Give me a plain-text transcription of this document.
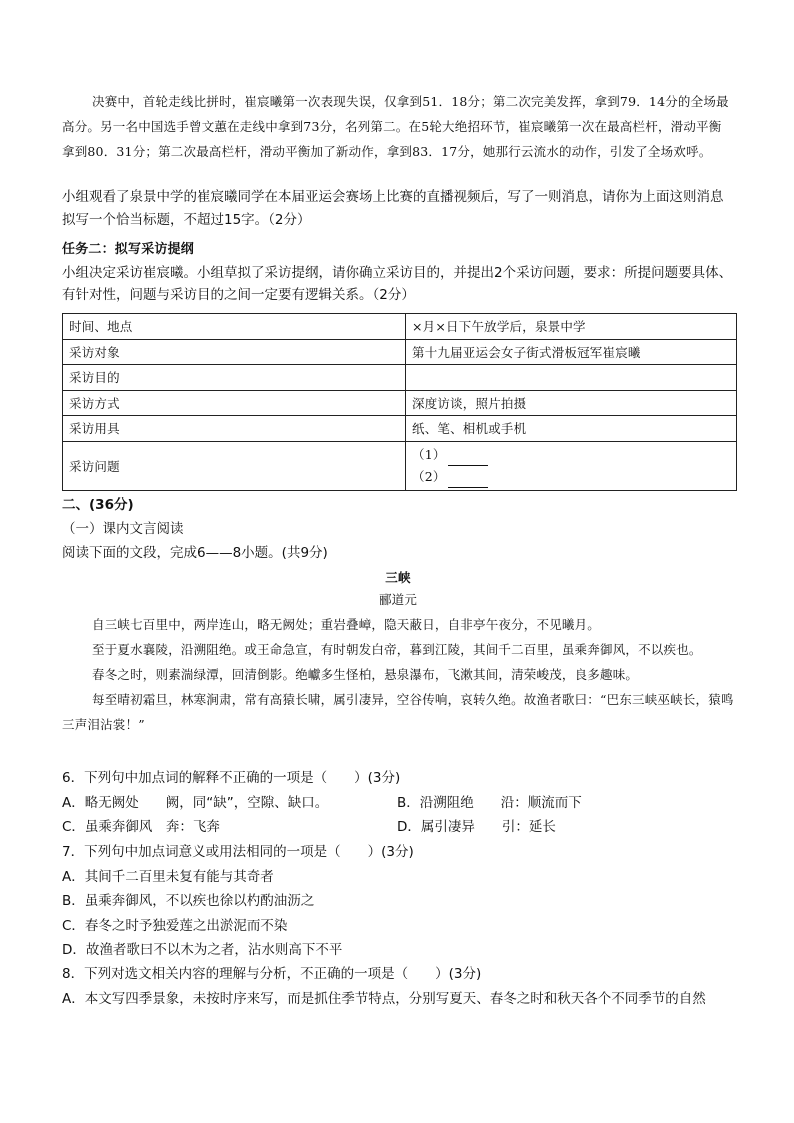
决赛中，首轮走线比拼时，崔宸曦第一次表现失误，仅拿到51．18分；第二次完美发挥，拿到79．14分的全场最高分。另一名中国选手曾文蕙在走线中拿到73分，名列第二。在5轮大绝招环节，崔宸曦第一次在最高栏杆，滑动平衡拿到80．31分；第二次最高栏杆，滑动平衡加了新动作，拿到83．17分，她那行云流水的动作，引发了全场欢呼。

小组观看了泉景中学的崔宸曦同学在本届亚运会赛场上比赛的直播视频后，写了一则消息，请你为上面这则消息拟写一个恰当标题，不超过15字。（2分）

任务二：拟写采访提纲

小组决定采访崔宸曦。小组草拟了采访提纲，请你确立采访目的，并提出2个采访问题，要求：所提问题要具体、有针对性，问题与采访目的之间一定要有逻辑关系。（2分）

时间、地点	×月×日下午放学后，泉景中学
采访对象	第十九届亚运会女子街式滑板冠军崔宸曦
采访目的	
采访方式	深度访谈，照片拍摄
采访用具	纸、笔、相机或手机
采访问题	（1）
（2）

二、(36分)

（一）课内文言阅读

阅读下面的文段，完成6——8小题。(共9分)

三峡
郦道元

自三峡七百里中，两岸连山，略无阙处；重岩叠嶂，隐天蔽日，自非亭午夜分，不见曦月。

至于夏水襄陵，沿溯阻绝。或王命急宣，有时朝发白帝，暮到江陵，其间千二百里，虽乘奔御风，不以疾也。

春冬之时，则素湍绿潭，回清倒影。绝巘多生怪柏，悬泉瀑布，飞漱其间，清荣峻茂，良多趣味。

每至晴初霜旦，林寒涧肃，常有高猿长啸，属引凄异，空谷传响，哀转久绝。故渔者歌曰：“巴东三峡巫峡长，猿鸣三声泪沾裳！”

6．下列句中加点词的解释不正确的一项是（　　）(3分)

A．略无阙处　　阙，同“缺”，空隙、缺口。	B．沿溯阻绝　　沿：顺流而下
C．虽乘奔御风　奔：飞奔	D．属引凄异　　引：延长

7．下列句中加点词意义或用法相同的一项是（　　）(3分)

A．其间千二百里未复有能与其奇者

B．虽乘奔御风，不以疾也徐以杓酌油沥之

C．春冬之时予独爱莲之出淤泥而不染

D．故渔者歌曰不以木为之者，沾水则高下不平

8．下列对选文相关内容的理解与分析，不正确的一项是（　　）(3分)

A．本文写四季景象，未按时序来写，而是抓住季节特点，分别写夏天、春冬之时和秋天各个不同季节的自然
